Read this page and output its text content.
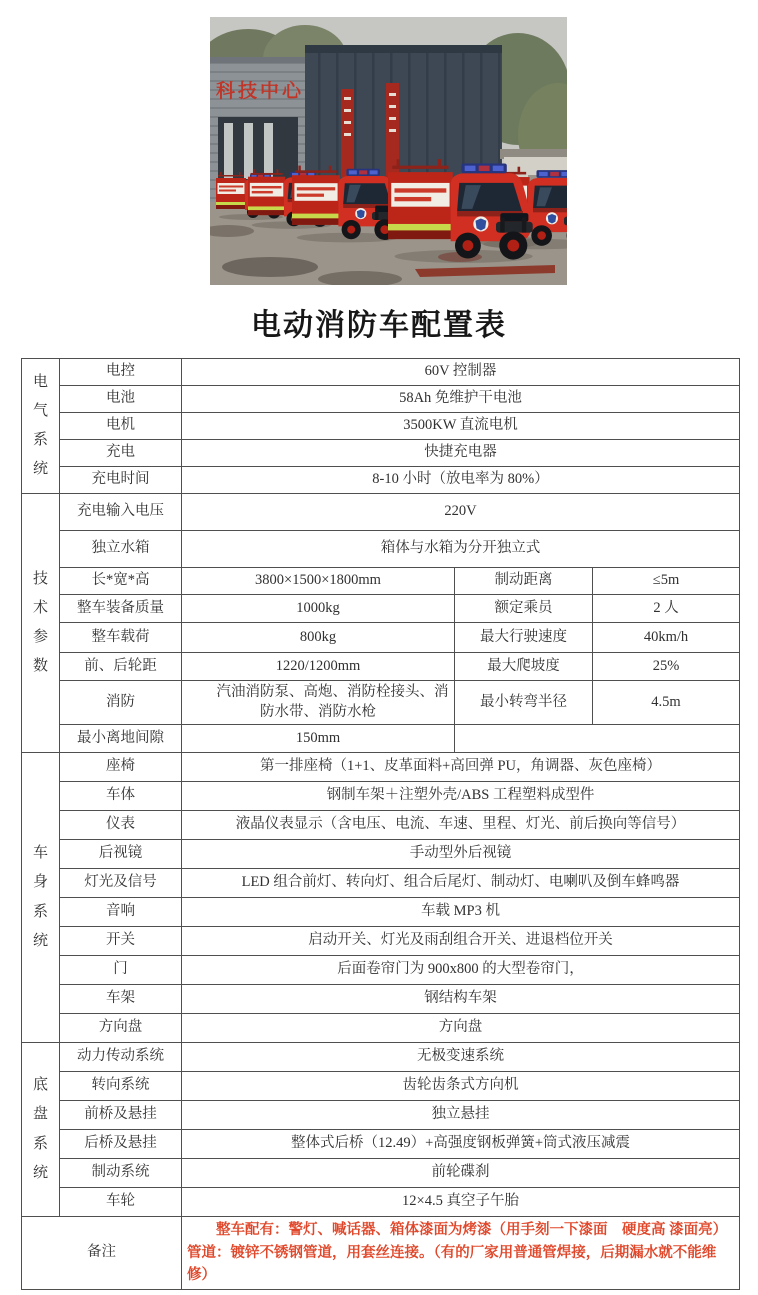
科技中心
电动消防车配置表
电气系统	电控	60V 控制器		
	电池	58Ah 免维护干电池		
	电机	3500KW 直流电机		
	充电	快捷充电器		
	充电时间	8-10 小时（放电率为 80%）		

技术参数	充电输入电压	220V		
	独立水箱	箱体与水箱为分开独立式		
	长*宽*高	3800×1500×1800mm	制动距离	≤5m
	整车装备质量	1000kg	额定乘员	2 人
	整车载荷	800kg	最大行驶速度	40km/h
	前、后轮距	1220/1200mm	最大爬坡度	25%
	消防	汽油消防泵、高炮、消防栓接头、消防水带、消防水枪	最小转弯半径	4.5m
	最小离地间隙	150mm		

车身系统	座椅	第一排座椅（1+1、皮革面料+高回弹 PU，角调器、灰色座椅）		
	车体	钢制车架＋注塑外壳/ABS 工程塑料成型件		
	仪表	液晶仪表显示（含电压、电流、车速、里程、灯光、前后换向等信号）		
	后视镜	手动型外后视镜		
	灯光及信号	LED 组合前灯、转向灯、组合后尾灯、制动灯、电喇叭及倒车蜂鸣器		
	音响	车载 MP3 机		
	开关	启动开关、灯光及雨刮组合开关、进退档位开关		
	门	后面卷帘门为 900x800 的大型卷帘门，		
	车架	钢结构车架		
	方向盘	方向盘		

底盘系统	动力传动系统	无极变速系统		
	转向系统	齿轮齿条式方向机		
	前桥及悬挂	独立悬挂		
	后桥及悬挂	整体式后桥（12.49）+高强度钢板弹簧+筒式液压减震		
	制动系统	前轮碟刹		
	车轮	12×4.5 真空子午胎		
备注		整车配有：警灯、喊话器、箱体漆面为烤漆（用手刻一下漆面　硬度高 漆面亮）
管道：镀锌不锈钢管道，用套丝连接。（有的厂家用普通管焊接，后期漏水就不能维修）		
